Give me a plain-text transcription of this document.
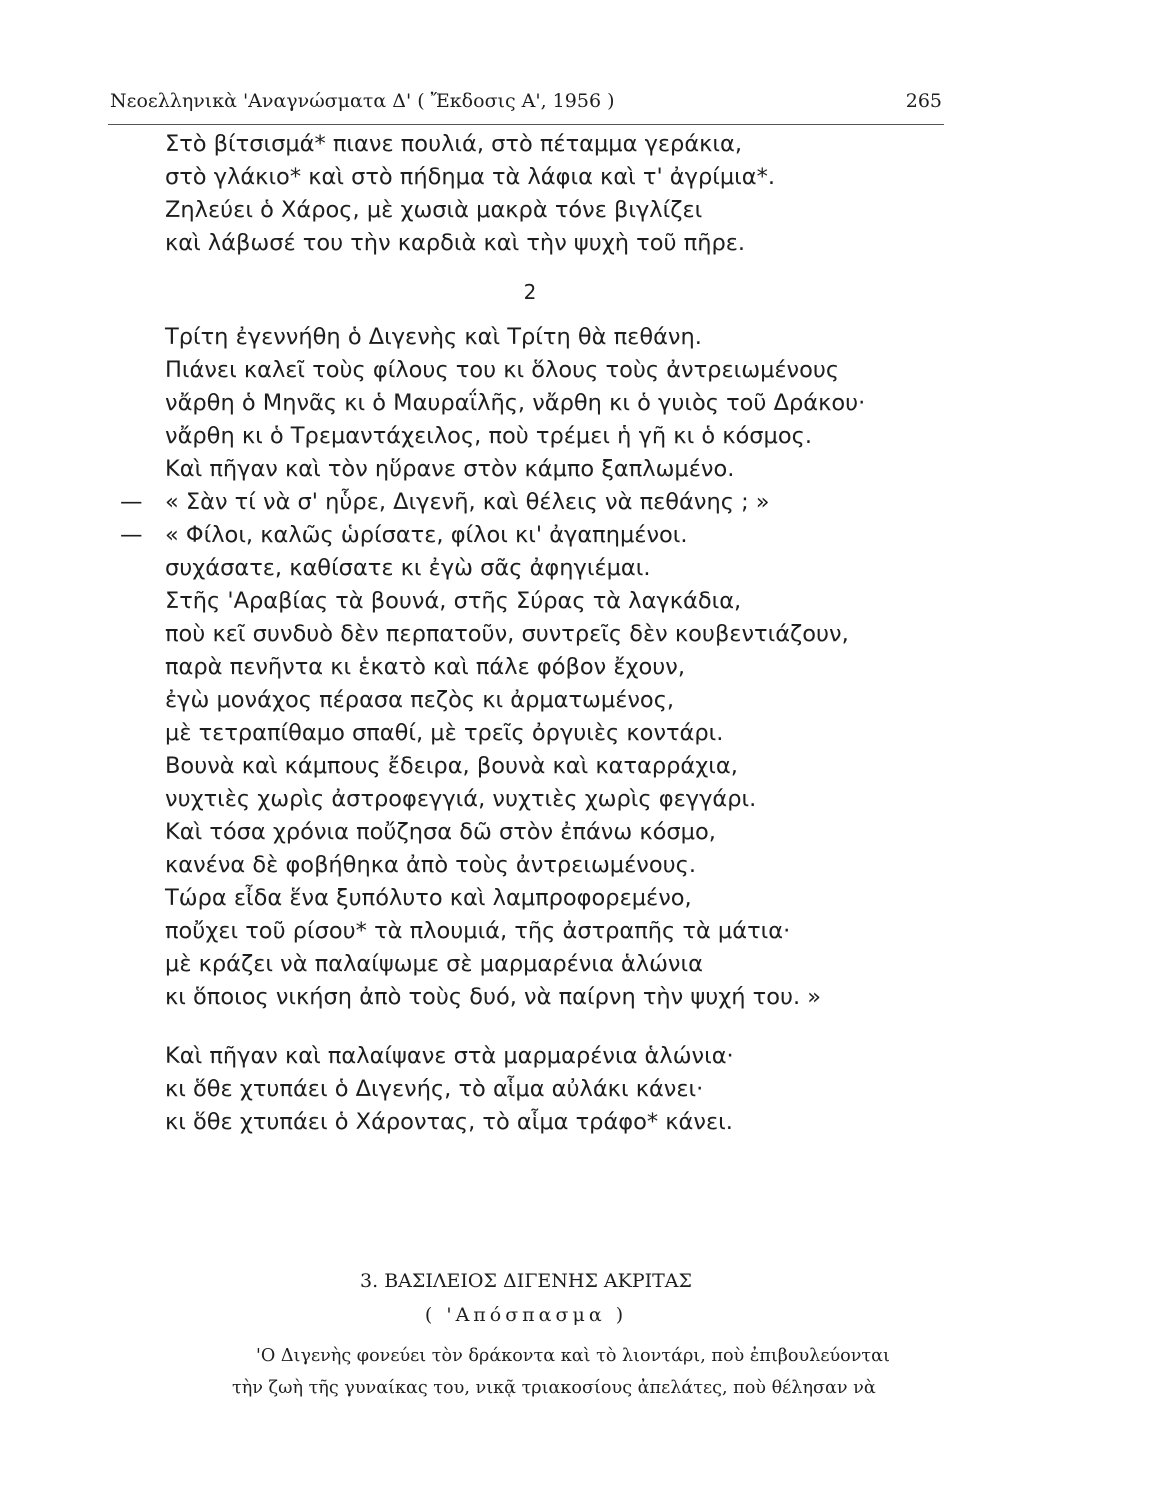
Νεοελληνικὰ 'Αναγνώσματα Δ' ( Ἔκδοσις Α', 1956 )	265
Στὸ βίτσισμά* πιανε πουλιά, στὸ πέταμμα γεράκια,
στὸ γλάκιο* καὶ στὸ πήδημα τὰ λάφια καὶ τ' ἀγρίμια*.
Ζηλεύει ὁ Χάρος, μὲ χωσιὰ μακρὰ τόνε βιγλίζει
καὶ λάβωσέ του τὴν καρδιὰ καὶ τὴν ψυχὴ τοῦ πῆρε.
2
Τρίτη ἐγεννήθη ὁ Διγενὴς καὶ Τρίτη θὰ πεθάνη.
Πιάνει καλεῖ τοὺς φίλους του κι ὅλους τοὺς ἀντρειωμένους
νἄρθη ὁ Μηνᾶς κι ὁ Μαυραΐλῆς, νἄρθη κι ὁ γυιὸς τοῦ Δράκου·
νἄρθη κι ὁ Τρεμαντάχειλος, ποὺ τρέμει ἡ γῆ κι ὁ κόσμος.
Καὶ πῆγαν καὶ τὸν ηὕρανε στὸν κάμπο ξαπλωμένο.
— « Σὰν τί νὰ σ' ηὗρε, Διγενῆ, καὶ θέλεις νὰ πεθάνης ; »
— « Φίλοι, καλῶς ὡρίσατε, φίλοι κι' ἀγαπημένοι.
συχάσατε, καθίσατε κι ἐγὼ σᾶς ἀφηγιέμαι.
Στῆς 'Αραβίας τὰ βουνά, στῆς Σύρας τὰ λαγκάδια,
ποὺ κεῖ συνδυὸ δὲν περπατοῦν, συντρεῖς δὲν κουβεντιάζουν,
παρὰ πενῆντα κι ἑκατὸ καὶ πάλε φόβον ἔχουν,
ἐγὼ μονάχος πέρασα πεζὸς κι ἀρματωμένος,
μὲ τετραπίθαμο σπαθί, μὲ τρεῖς ὀργυιὲς κοντάρι.
Βουνὰ καὶ κάμπους ἔδειρα, βουνὰ καὶ καταρράχια,
νυχτιὲς χωρὶς ἀστροφεγγιά, νυχτιὲς χωρὶς φεγγάρι.
Καὶ τόσα χρόνια ποὔζησα δῶ στὸν ἐπάνω κόσμο,
κανένα δὲ φοβήθηκα ἀπὸ τοὺς ἀντρειωμένους.
Τώρα εἶδα ἕνα ξυπόλυτο καὶ λαμπροφορεμένο,
ποὔχει τοῦ ρίσου* τὰ πλουμιά, τῆς ἀστραπῆς τὰ μάτια·
μὲ κράζει νὰ παλαίψωμε σὲ μαρμαρένια ἁλώνια
κι ὅποιος νικήση ἀπὸ τοὺς δυό, νὰ παίρνη τὴν ψυχή του. »
Καὶ πῆγαν καὶ παλαίψανε στὰ μαρμαρένια ἁλώνια·
κι ὅθε χτυπάει ὁ Διγενής, τὸ αἷμα αὐλάκι κάνει·
κι ὅθε χτυπάει ὁ Χάροντας, τὸ αἷμα τράφο* κάνει.
3. ΒΑΣΙΛΕΙΟΣ ΔΙΓΕΝΗΣ ΑΚΡΙΤΑΣ
( 'Απόσπασμα )
'Ο Διγενὴς φονεύει τὸν δράκοντα καὶ τὸ λιοντάρι, ποὺ ἐπιβουλεύονται
τὴν ζωὴ τῆς γυναίκας του, νικᾷ τριακοσίους ἀπελάτες, ποὺ θέλησαν νὰ
